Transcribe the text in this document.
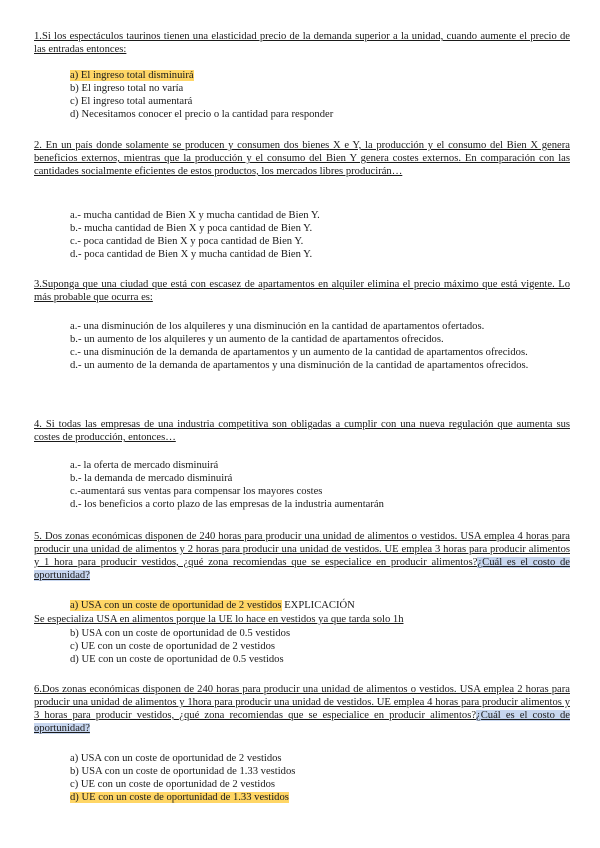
1.Si los espectáculos taurinos tienen una elasticidad precio de la demanda superior a la unidad, cuando aumente el precio de las entradas entonces:
a) El ingreso total disminuirá
b) El ingreso total no varía
c) El ingreso total aumentará
d) Necesitamos conocer el precio o la cantidad para responder
2. En un país donde solamente se producen y consumen dos bienes X e Y, la producción y el consumo del Bien X genera beneficios externos, mientras que la producción y el consumo del Bien Y genera costes externos. En comparación con las cantidades socialmente eficientes de estos productos, los mercados libres producirán…
a.- mucha cantidad de Bien X y mucha cantidad de Bien Y.
b.- mucha cantidad de Bien X y poca cantidad de Bien Y.
c.- poca cantidad de Bien X y poca cantidad de Bien Y.
d.- poca cantidad de Bien X y mucha cantidad de Bien Y.
3.Suponga que una ciudad que está con escasez de apartamentos en alquiler elimina el precio máximo que está vigente. Lo más probable que ocurra es:
a.- una disminución de los alquileres y una disminución en la cantidad de apartamentos ofertados.
b.- un aumento de los alquileres y un aumento de la cantidad de apartamentos ofrecidos.
c.- una disminución de la demanda de apartamentos y un aumento de la cantidad de apartamentos ofrecidos.
d.- un aumento de la demanda de apartamentos y una disminución de la cantidad de apartamentos ofrecidos.
4. Si todas las empresas de una industria competitiva son obligadas a cumplir con una nueva regulación que aumenta sus costes de producción, entonces…
a.- la oferta de mercado disminuirá
b.- la demanda de mercado disminuirá
c.-aumentará sus ventas para compensar los mayores costes
d.- los beneficios a corto plazo de las empresas de la industria aumentarán
5. Dos zonas económicas disponen de 240 horas para producir una unidad de alimentos o vestidos. USA emplea 4 horas para producir una unidad de alimentos y 2 horas para producir una unidad de vestidos. UE emplea 3 horas para producir alimentos y 1 hora para producir vestidos, ¿qué zona recomiendas que se especialice en producir alimentos?¿Cuál es el costo de oportunidad?
a) USA con un coste de oportunidad de 2 vestidos EXPLICACIÓN
Se especializa USA en alimentos porque la UE lo hace en vestidos ya que tarda solo 1h
b) USA con un coste de oportunidad de 0.5 vestidos
c) UE con un coste de oportunidad de 2 vestidos
d) UE con un coste de oportunidad de 0.5 vestidos
6.Dos zonas económicas disponen de 240 horas para producir una unidad de alimentos o vestidos. USA emplea 2 horas para producir una unidad de alimentos y 1hora para producir una unidad de vestidos. UE emplea 4 horas para producir alimentos y 3 horas para producir vestidos, ¿qué zona recomiendas que se especialice en producir alimentos?¿Cuál es el costo de oportunidad?
a) USA con un coste de oportunidad de 2 vestidos
b) USA con un coste de oportunidad de 1.33 vestidos
c) UE con un coste de oportunidad de 2 vestidos
d) UE con un coste de oportunidad de 1.33 vestidos
